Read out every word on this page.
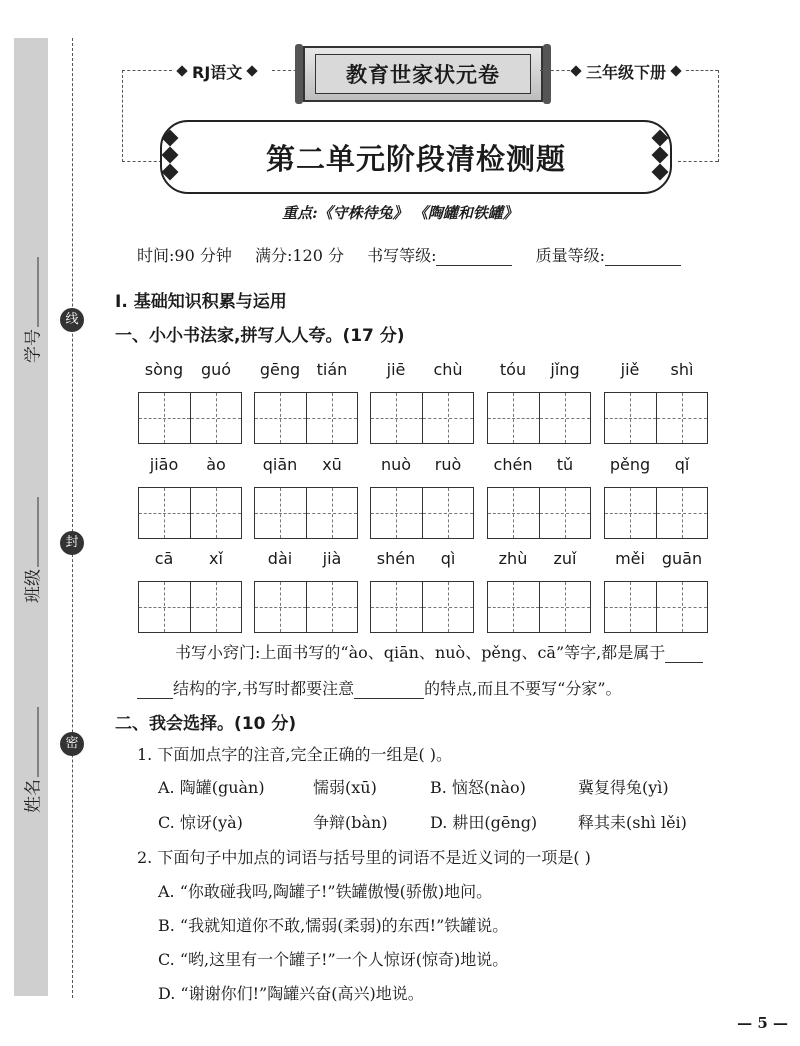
学号
班级
姓名
线
封
密
RJ语文	教育世家状元卷	三年级下册
第二单元阶段清检测题
重点:《守株待兔》 《陶罐和铁罐》
时间:90 分钟 满分:120 分 书写等级:	质量等级:
Ⅰ. 基础知识积累与运用
一、小小书法家,拼写人人夸。(17 分)
sòng	guó	gēng	tián	jiē	chù	tóu	jǐng	jiě	shì
jiāo	ào	qiān	xū	nuò	ruò	chén	tǔ	pěng	qǐ
cā	xǐ	dài	jià	shén	qì	zhù	zuǐ	měi	guān
书写小窍门:上面书写的“ào、qiān、nuò、pěng、cā”等字,都是属于
结构的字,书写时都要注意	的特点,而且不要写“分家”。
二、我会选择。(10 分)
1. 下面加点字的注音,完全正确的一组是( )。
A. 陶罐(guàn)	懦弱(xū)	B. 恼怒(nào)	冀复得兔(yì)
C. 惊讶(yà)	争辩(bàn)	D. 耕田(gēng)	释其耒(shì lěi)
2. 下面句子中加点的词语与括号里的词语不是近义词的一项是( )
A. “你敢碰我吗,陶罐子!”铁罐傲慢(骄傲)地问。
B. “我就知道你不敢,懦弱(柔弱)的东西!”铁罐说。
C. “哟,这里有一个罐子!”一个人惊讶(惊奇)地说。
D. “谢谢你们!”陶罐兴奋(高兴)地说。
— 5 —
